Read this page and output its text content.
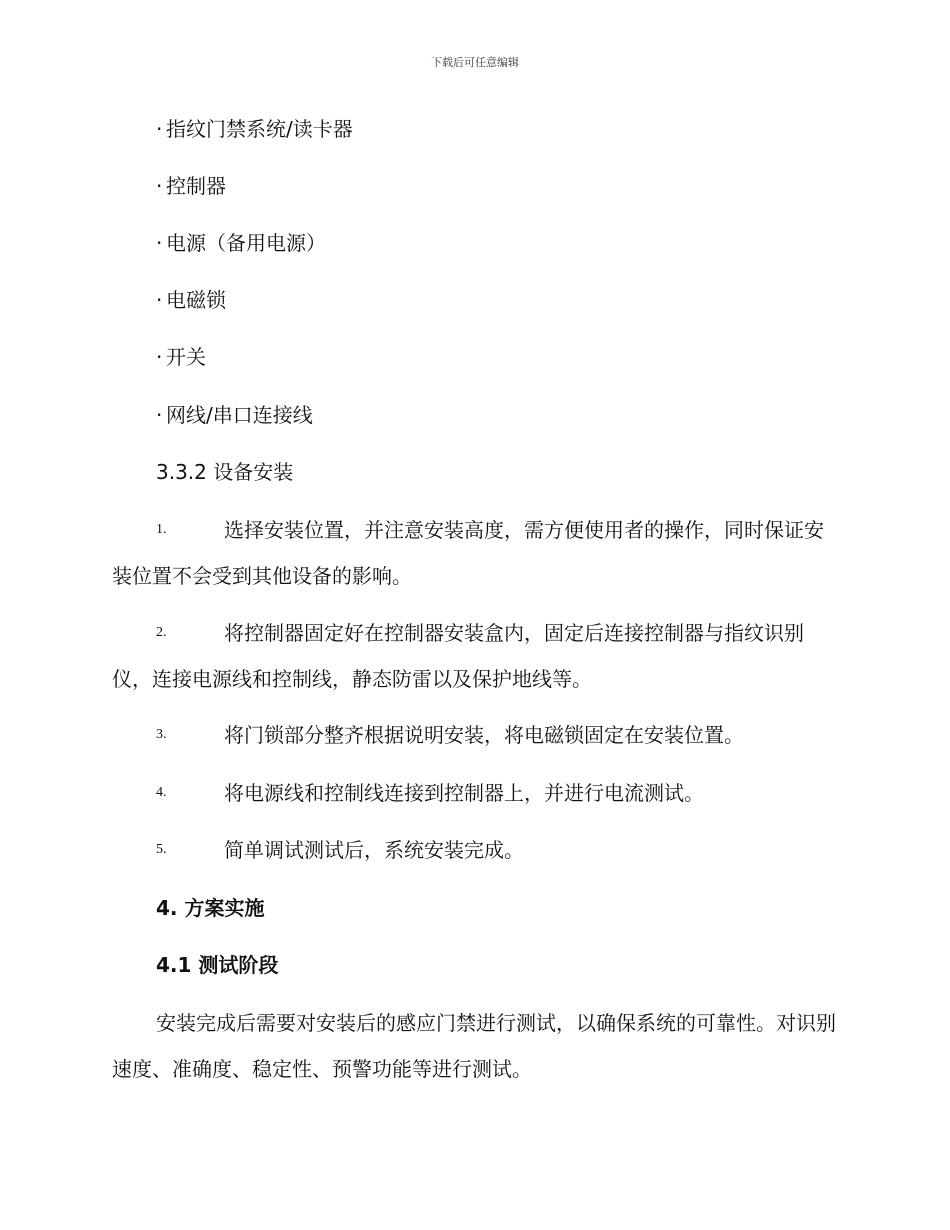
下载后可任意编辑
· 指纹门禁系统/读卡器
· 控制器
· 电源（备用电源）
· 电磁锁
· 开关
· 网线/串口连接线
3.3.2 设备安装
1.	选择安装位置，并注意安装高度，需方便使用者的操作，同时保证安装位置不会受到其他设备的影响。

2.	将控制器固定好在控制器安装盒内，固定后连接控制器与指纹识别仪，连接电源线和控制线，静态防雷以及保护地线等。

3.	将门锁部分整齐根据说明安装，将电磁锁固定在安装位置。

4.	将电源线和控制线连接到控制器上，并进行电流测试。

5.	简单调试测试后，系统安装完成。

4. 方案实施
4.1 测试阶段

安装完成后需要对安装后的感应门禁进行测试，以确保系统的可靠性。对识别速度、准确度、稳定性、预警功能等进行测试。
